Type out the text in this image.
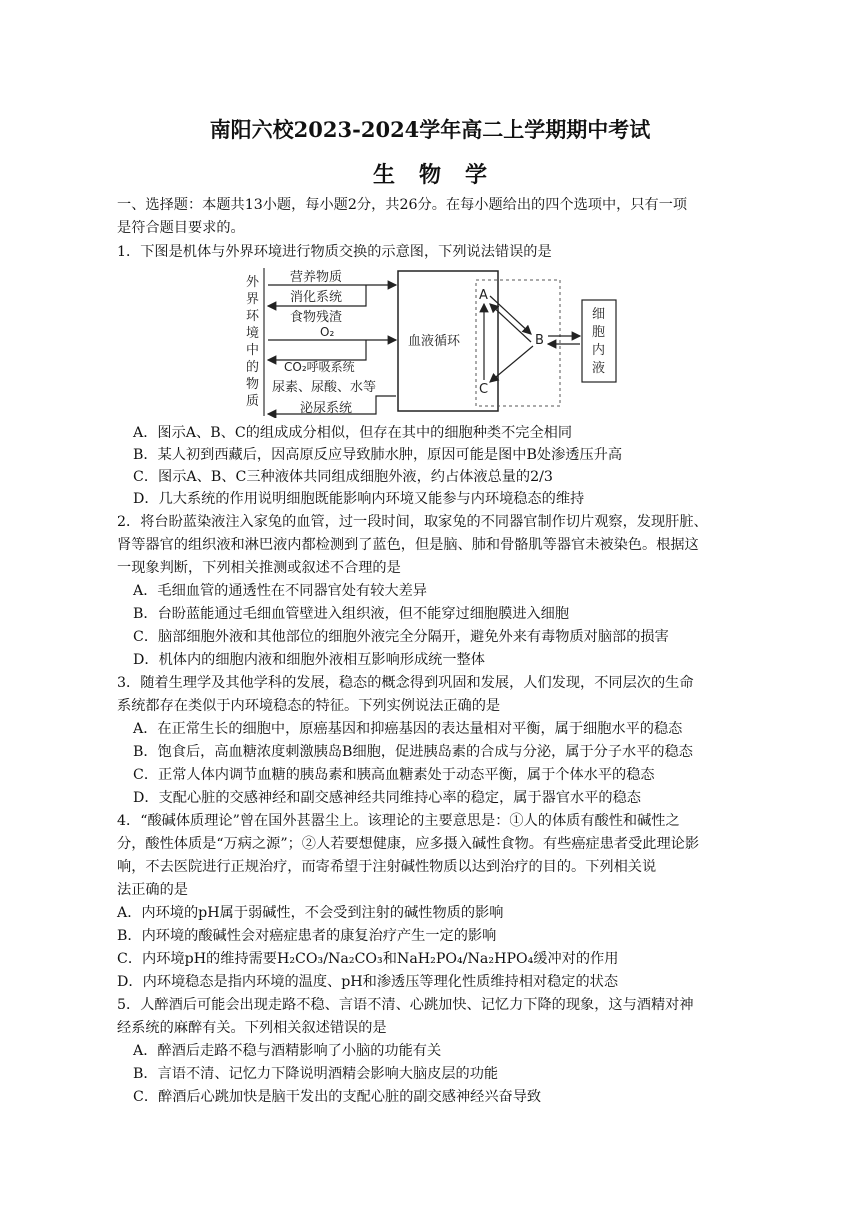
南阳六校2023-2024学年高二上学期期中考试
生物学
一、选择题：本题共13小题，每小题2分，共26分。在每小题给出的四个选项中，只有一项
是符合题目要求的。
1．下图是机体与外界环境进行物质交换的示意图，下列说法错误的是
外
界
环
境
中
的
物
质
血液循环
营养物质
消化系统
食物残渣
O₂
CO₂呼吸系统
尿素、尿酸、水等
泌尿系统
A
B
C
细
胞
内
液
A．图示A、B、C的组成成分相似，但存在其中的细胞种类不完全相同
B．某人初到西藏后，因高原反应导致肺水肿，原因可能是图中B处渗透压升高
C．图示A、B、C三种液体共同组成细胞外液，约占体液总量的2/3
D．几大系统的作用说明细胞既能影响内环境又能参与内环境稳态的维持
2．将台盼蓝染液注入家兔的血管，过一段时间，取家兔的不同器官制作切片观察，发现肝脏、
肾等器官的组织液和淋巴液内都检测到了蓝色，但是脑、肺和骨骼肌等器官未被染色。根据这
一现象判断，下列相关推测或叙述不合理的是
A．毛细血管的通透性在不同器官处有较大差异
B．台盼蓝能通过毛细血管壁进入组织液，但不能穿过细胞膜进入细胞
C．脑部细胞外液和其他部位的细胞外液完全分隔开，避免外来有毒物质对脑部的损害
D．机体内的细胞内液和细胞外液相互影响形成统一整体
3．随着生理学及其他学科的发展，稳态的概念得到巩固和发展，人们发现，不同层次的生命
系统都存在类似于内环境稳态的特征。下列实例说法正确的是
A．在正常生长的细胞中，原癌基因和抑癌基因的表达量相对平衡，属于细胞水平的稳态
B．饱食后，高血糖浓度刺激胰岛B细胞，促进胰岛素的合成与分泌，属于分子水平的稳态
C．正常人体内调节血糖的胰岛素和胰高血糖素处于动态平衡，属于个体水平的稳态
D．支配心脏的交感神经和副交感神经共同维持心率的稳定，属于器官水平的稳态
4．“酸碱体质理论”曾在国外甚嚣尘上。该理论的主要意思是：①人的体质有酸性和碱性之
分，酸性体质是“万病之源”；②人若要想健康，应多摄入碱性食物。有些癌症患者受此理论影
响，不去医院进行正规治疗，而寄希望于注射碱性物质以达到治疗的目的。下列相关说
法正确的是
A．内环境的pH属于弱碱性，不会受到注射的碱性物质的影响
B．内环境的酸碱性会对癌症患者的康复治疗产生一定的影响
C．内环境pH的维持需要H₂CO₃/Na₂CO₃和NaH₂PO₄/Na₂HPO₄缓冲对的作用
D．内环境稳态是指内环境的温度、pH和渗透压等理化性质维持相对稳定的状态
5．人醉酒后可能会出现走路不稳、言语不清、心跳加快、记忆力下降的现象，这与酒精对神
经系统的麻醉有关。下列相关叙述错误的是
A．醉酒后走路不稳与酒精影响了小脑的功能有关
B．言语不清、记忆力下降说明酒精会影响大脑皮层的功能
C．醉酒后心跳加快是脑干发出的支配心脏的副交感神经兴奋导致
